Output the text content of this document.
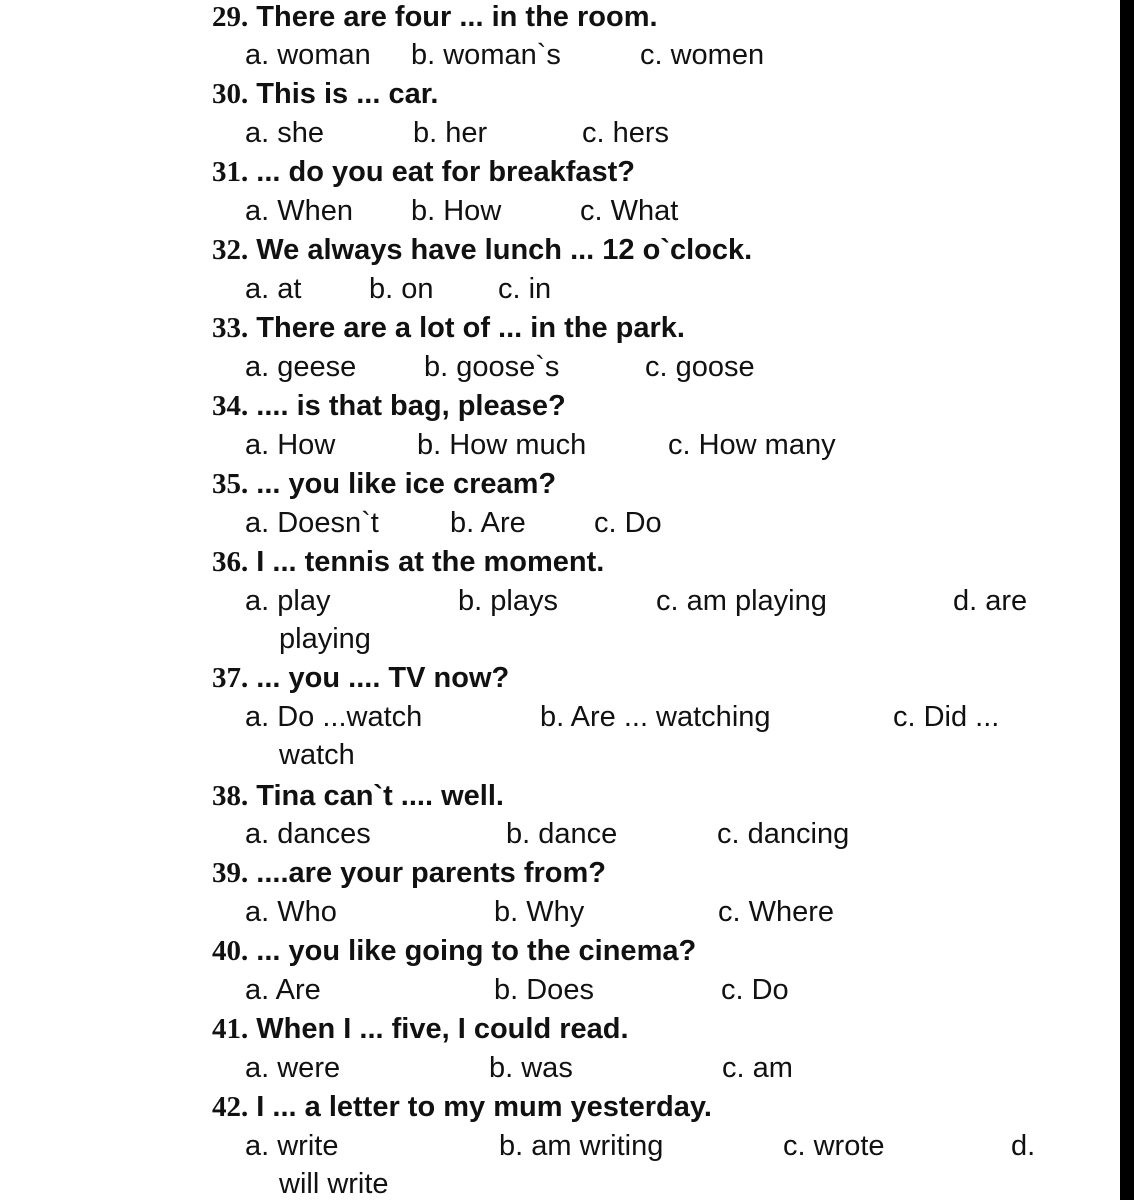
29. There are four ... in the room.
a. woman b. woman`s	c. women
30. This is ... car.
a. she	b. her	c. hers
31. ... do you eat for breakfast?
a. When b. How	c. What
32. We always have lunch ... 12 o`clock.
a. at b. on c. in
33. There are a lot of ... in the park.
a. geese b. goose`s	c. goose
34. .... is that bag, please?
a. How	b. How much	c. How many
35. ... you like ice cream?
a. Doesn`t b. Are c. Do
36. I ... tennis at the moment.
a. play	b. plays	c. am playing	d. are
playing
37. ... you .... TV now?
a. Do ...watch	b. Are ... watching	c. Did ...
watch
38. Tina can`t .... well.
a. dances	b. dance	c. dancing
39. ....are your parents from?
a. Who	b. Why	c. Where
40. ... you like going to the cinema?
a. Are	b. Does	c. Do
41. When I ... five, I could read.
a. were	b. was	c. am
42. I ... a letter to my mum yesterday.
a. write	b. am writing	c. wrote	d.
will write
